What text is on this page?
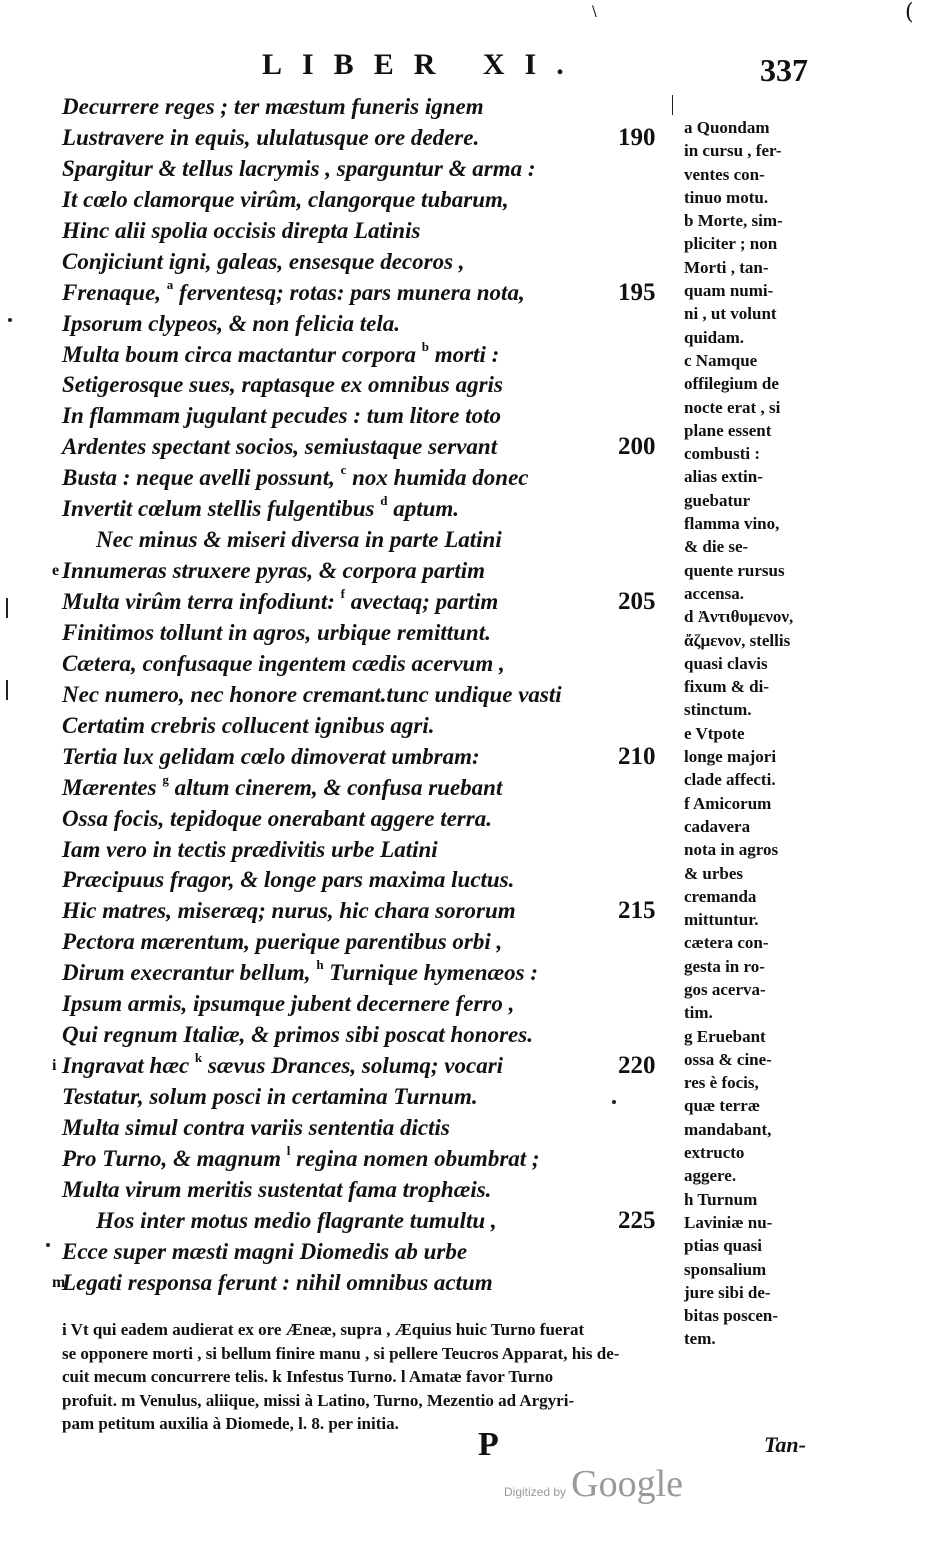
\	(
LIBER XI.	337
Decurrere reges ; ter mæstum funeris ignem
Lustravere in equis, ululatusque ore dedere.	190
Spargitur & tellus lacrymis , sparguntur & arma :
It cœlo clamorque virûm, clangorque tubarum,
Hinc alii spolia occisis direpta Latinis
Conjiciunt igni, galeas, ensesque decoros ,
Frenaque, $^a$ ferventesq; rotas: pars munera nota,	195
Ipsorum clypeos, & non felicia tela.
Multa boum circa mactantur corpora $^b$ morti :
Setigerosque sues, raptasque ex omnibus agris
In flammam jugulant pecudes : tum litore toto
Ardentes spectant socios, semiustaque servant	200
Busta : neque avelli possunt, $^c$ nox humida donec
Invertit cœlum stellis fulgentibus $^d$ aptum.
Nec minus & miseri diversa in parte Latini
e Innumeras struxere pyras, & corpora partim
Multa virûm terra infodiunt: $^f$ avectaq; partim	205
Finitimos tollunt in agros, urbique remittunt.
Cætera, confusaque ingentem cædis acervum ,
Nec numero, nec honore cremant.tunc undique vasti
Certatim crebris collucent ignibus agri.
Tertia lux gelidam cœlo dimoverat umbram:	210
Mærentes $^g$ altum cinerem, & confusa ruebant
Ossa focis, tepidoque onerabant aggere terra.
Iam vero in tectis prædivitis urbe Latini
Præcipuus fragor, & longe pars maxima luctus.
Hic matres, miseræq; nurus, hic chara sororum	215
Pectora mærentum, puerique parentibus orbi ,
Dirum execrantur bellum, $^h$ Turnique hymenæos :
Ipsum armis, ipsumque jubent decernere ferro ,
Qui regnum Italiæ, & primos sibi poscat honores.
i Ingravat hæc $^k$ sævus Drances, solumq; vocari	220
Testatur, solum posci in certamina Turnum.
Multa simul contra variis sententia dictis
Pro Turno, & magnum $^l$ regina nomen obumbrat ;
Multa virum meritis sustentat fama trophæis.
Hos inter motus medio flagrante tumultu ,	225
Ecce super mæsti magni Diomedis ab urbe
m
Legati responsa ferunt : nihil omnibus actum
a Quondam
in cursu , fer-
ventes con-
tinuo motu.
b Morte, sim-
pliciter ; non
Morti , tan-
quam numi-
ni , ut volunt
quidam.
c Namque
offilegium de
nocte erat , si
plane essent
combusti :
alias extin-
guebatur
flamma vino,
& die se-
quente rursus
accensa.
d Ἀντιθυμενον,
ἄζμενον, stellis
quasi clavis
fixum & di-
stinctum.
e Vtpote
longe majori
clade affecti.
f Amicorum
cadavera
nota in agros
& urbes
cremanda
mittuntur.
cætera con-
gesta in ro-
gos acerva-
tim.
g Eruebant
ossa & cine-
res è focis,
quæ terræ
mandabant,
extructo
aggere.
h Turnum
Laviniæ nu-
ptias quasi
sponsalium
jure sibi de-
bitas poscen-
tem.
i Vt qui eadem audierat ex ore Æneæ, supra , Æquius huic Turno fuerat
se opponere morti , si bellum finire manu , si pellere Teucros Apparat, his de-
cuit mecum concurrere telis. k Infestus Turno. l Amatæ favor Turno
profuit. m Venulus, aliique, missi à Latino, Turno, Mezentio ad Argyri-
pam petitum auxilia à Diomede, l. 8. per initia.
P	Tan-
Digitized by Google
